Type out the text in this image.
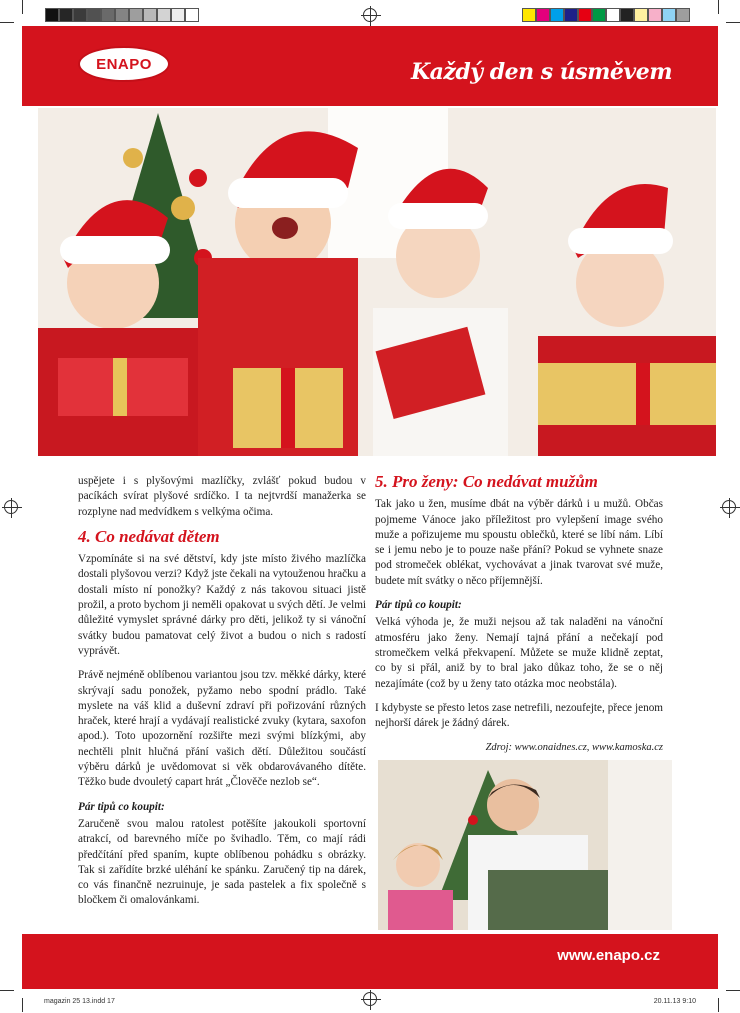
ENAPO	Každý den s úsměvem

uspějete i s plyšovými mazlíčky, zvlášť pokud budou v pacíkách svírat plyšové srdíčko. I ta nejtvrdší manažerka se rozplyne nad medvídkem s velkýma očima.

4. Co nedávat dětem

Vzpomínáte si na své dětství, kdy jste místo živého mazlíčka dostali plyšovou verzi? Když jste čekali na vytouženou hračku a dostali místo ní ponožky? Každý z nás takovou situaci jistě prožil, a proto bychom ji neměli opakovat u svých dětí. Je velmi důležité vymyslet správné dárky pro děti, jelikož ty si vánoční svátky budou pamatovat celý život a budou o nich s radostí vyprávět.

Právě nejméně oblíbenou variantou jsou tzv. měkké dárky, které skrývají sadu ponožek, pyžamo nebo spodní prádlo. Také myslete na váš klid a duševní zdraví při pořizování různých hraček, které hrají a vydávají realistické zvuky (kytara, saxofon apod.). Toto upozornění rozšiřte mezi svými blízkými, aby nechtěli plnit hlučná přání vašich dětí. Důležitou součástí výběru dárků je uvědomovat si věk obdarovávaného dítěte. Těžko bude dvouletý capart hrát „Člověče nezlob se“.

Pár tipů co koupit:

Zaručeně svou malou ratolest potěšíte jakoukoli sportovní atrakcí, od barevného míče po švihadlo. Těm, co mají rádi předčítání před spaním, kupte oblíbenou pohádku s obrázky. Tak si zařídíte brzké uléhání ke spánku. Zaručený tip na dárek, co vás finančně nezruinuje, je sada pastelek a fix společně s bločkem či omalovánkami.

5. Pro ženy: Co nedávat mužům

Tak jako u žen, musíme dbát na výběr dárků i u mužů. Občas pojmeme Vánoce jako příležitost pro vylepšení image svého muže a pořizujeme mu spoustu oblečků, které se líbí nám. Líbí se i jemu nebo je to pouze naše přání? Pokud se vyhnete snaze pod stromeček oblékat, vychovávat a jinak tvarovat své muže, budete mít svátky o něco příjemnější.

Pár tipů co koupit:

Velká výhoda je, že muži nejsou až tak naladěni na vánoční atmosféru jako ženy. Nemají tajná přání a nečekají pod stromečkem velká překvapení. Můžete se muže klidně zeptat, co by si přál, aniž by to bral jako důkaz toho, že se o něj nezajímáte (což by u ženy tato otázka moc neobstála).

I kdybyste se přesto letos zase netrefili, nezoufejte, přece jenom nejhorší dárek je žádný dárek.

Zdroj: www.onaidnes.cz, www.kamoska.cz

www.enapo.cz
magazin 25 13.indd 17	20.11.13 9:10
